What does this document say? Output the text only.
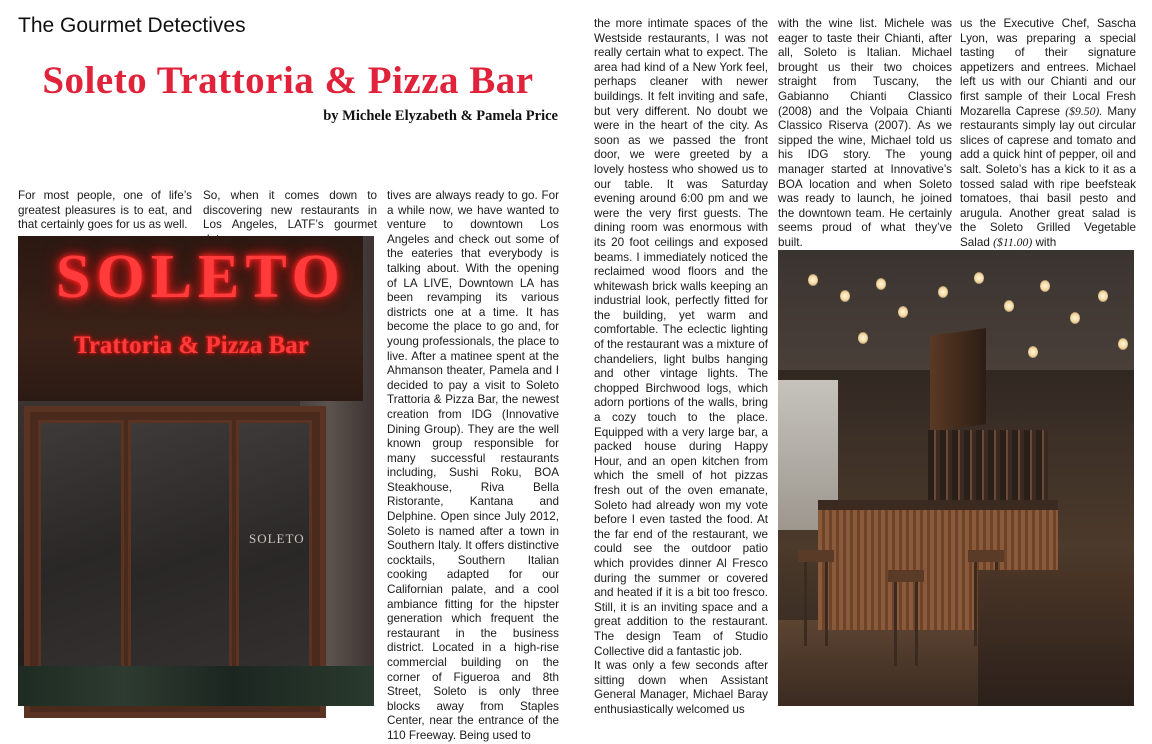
The Gourmet Detectives
Soleto Trattoria & Pizza Bar
by Michele Elyzabeth & Pamela Price

For most people, one of life’s greatest pleasures is to eat, and that certainly goes for us as well.

So, when it comes down to discovering new restaurants in Los Angeles, LATF’s gourmet

tives are always ready to go. For a while now, we have wanted to venture to downtown Los Angeles and check out some of the eateries that everybody is talking about. With the opening of LA LIVE, Downtown LA has been revamping its various districts one at a time. It has become the place to go and, for young professionals, the place to live. After a matinee spent at the Ahmanson theater, Pamela and I decided to pay a visit to Soleto Trattoria & Pizza Bar, the newest creation from IDG (Innovative Dining Group). They are the well known group responsible for many successful restaurants including, Sushi Roku, BOA Steakhouse, Riva Bella Ristorante, Kantana and Delphine. Open since July 2012, Soleto is named after a town in Southern Italy. It offers distinctive cocktails, Southern Italian cooking adapted for our Californian palate, and a cool ambiance fitting for the hipster generation which frequent the restaurant in the business district. Located in a high-rise commercial building on the corner of Figueroa and 8th Street, Soleto is only three blocks away from Staples Center, near the entrance of the 110 Freeway. Being used to

SOLETO
Trattoria & Pizza Bar
SOLETO

the more intimate spaces of the Westside restaurants, I was not really certain what to expect. The area had kind of a New York feel, perhaps cleaner with newer buildings. It felt inviting and safe, but very different. No doubt we were in the heart of the city. As soon as we passed the front door, we were greeted by a lovely hostess who showed us to our table. It was Saturday evening around 6:00 pm and we were the very first guests. The dining room was enormous with its 20 foot ceilings and exposed beams. I immediately noticed the reclaimed wood floors and the whitewash brick walls keeping an industrial look, perfectly fitted for the building, yet warm and comfortable. The eclectic lighting of the restaurant was a mixture of chandeliers, light bulbs hanging and other vintage lights. The chopped Birchwood logs, which adorn portions of the walls, bring a cozy touch to the place. Equipped with a very large bar, a packed house during Happy Hour, and an open kitchen from which the smell of hot pizzas fresh out of the oven emanate, Soleto had already won my vote before I even tasted the food. At the far end of the restaurant, we could see the outdoor patio which provides dinner Al Fresco during the summer or covered and heated if it is a bit too fresco. Still, it is an inviting space and a great addition to the restaurant. The design Team of Studio Collective did a fantastic job.

It was only a few seconds after sitting down when Assistant General Manager, Michael Baray enthusiastically welcomed us

with the wine list. Michele was eager to taste their Chianti, after all, Soleto is Italian. Michael brought us their two choices straight from Tuscany, the Gabianno Chianti Classico (2008) and the Volpaia Chianti Classico Riserva (2007). As we sipped the wine, Michael told us his IDG story. The young manager started at Innovative’s BOA location and when Soleto was ready to launch, he joined the downtown team. He certainly seems proud of what they’ve built.

us the Executive Chef, Sascha Lyon, was preparing a special tasting of their signature appetizers and entrees. Michael left us with our Chianti and our first sample of their Local Fresh Mozarella Caprese ($9.50). Many restaurants simply lay out circular slices of caprese and tomato and add a quick hint of pepper, oil and salt. Soleto’s has a kick to it as a tossed salad with ripe beefsteak tomatoes, thai basil pesto and arugula. Another great salad is the Soleto Grilled Vegetable Salad ($11.00) with
